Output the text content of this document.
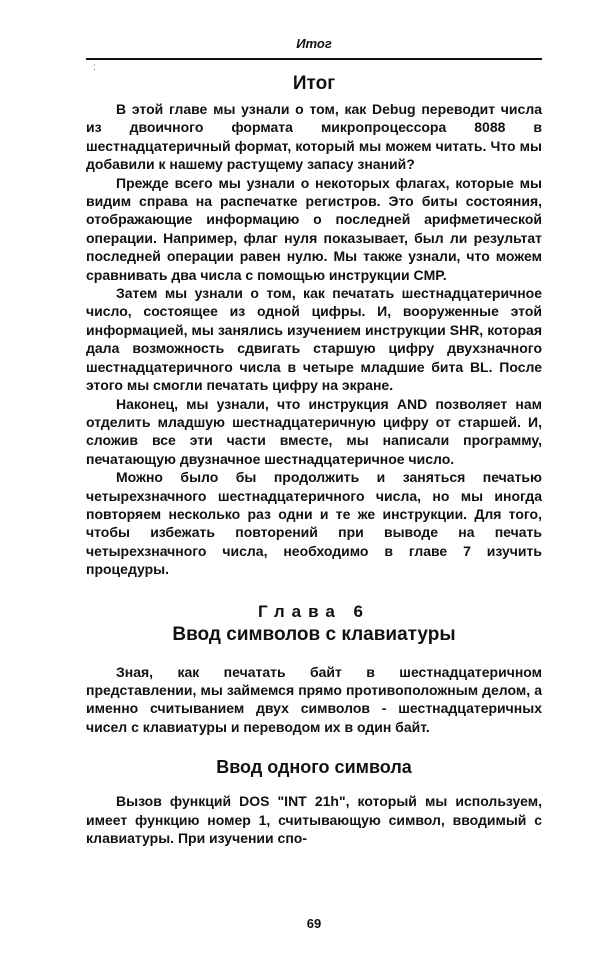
Итог
:
Итог

В этой главе мы узнали о том, как Debug переводит числа из двоичного формата микропроцессора 8088 в шестнадцатеричный формат, который мы можем читать. Что мы добавили к нашему растущему запасу знаний?

Прежде всего мы узнали о некоторых флагах, которые мы видим справа на распечатке регистров. Это биты состояния, отображающие информацию о последней арифметической операции. Например, флаг нуля показывает, был ли результат последней операции равен нулю. Мы также узнали, что можем сравнивать два числа с помощью инструкции CMP.

Затем мы узнали о том, как печатать шестнадцатеричное число, состоящее из одной цифры. И, вооруженные этой информацией, мы занялись изучением инструкции SHR, которая дала возможность сдвигать старшую цифру двухзначного шестнадцатеричного числа в четыре младшие бита BL. После этого мы смогли печатать цифру на экране.

Наконец, мы узнали, что инструкция AND позволяет нам отделить младшую шестнадцатеричную цифру от старшей. И, сложив все эти части вместе, мы написали программу, печатающую двузначное шестнадцатеричное число.

Можно было бы продолжить и заняться печатью четырехзначного шестнадцатеричного числа, но мы иногда повторяем несколько раз одни и те же инструкции. Для того, чтобы избежать повторений при выводе на печать четырехзначного числа, необходимо в главе 7 изучить процедуры.

Глава 6
Ввод символов с клавиатуры

Зная, как печатать байт в шестнадцатеричном представлении, мы займемся прямо противоположным делом, а именно считыванием двух символов - шестнадцатеричных чисел с клавиатуры и переводом их в один байт.

Ввод одного символа

Вызов функций DOS "INT 21h", который мы используем, имеет функцию номер 1, считывающую символ, вводимый с клавиатуры. При изучении спо-

69
